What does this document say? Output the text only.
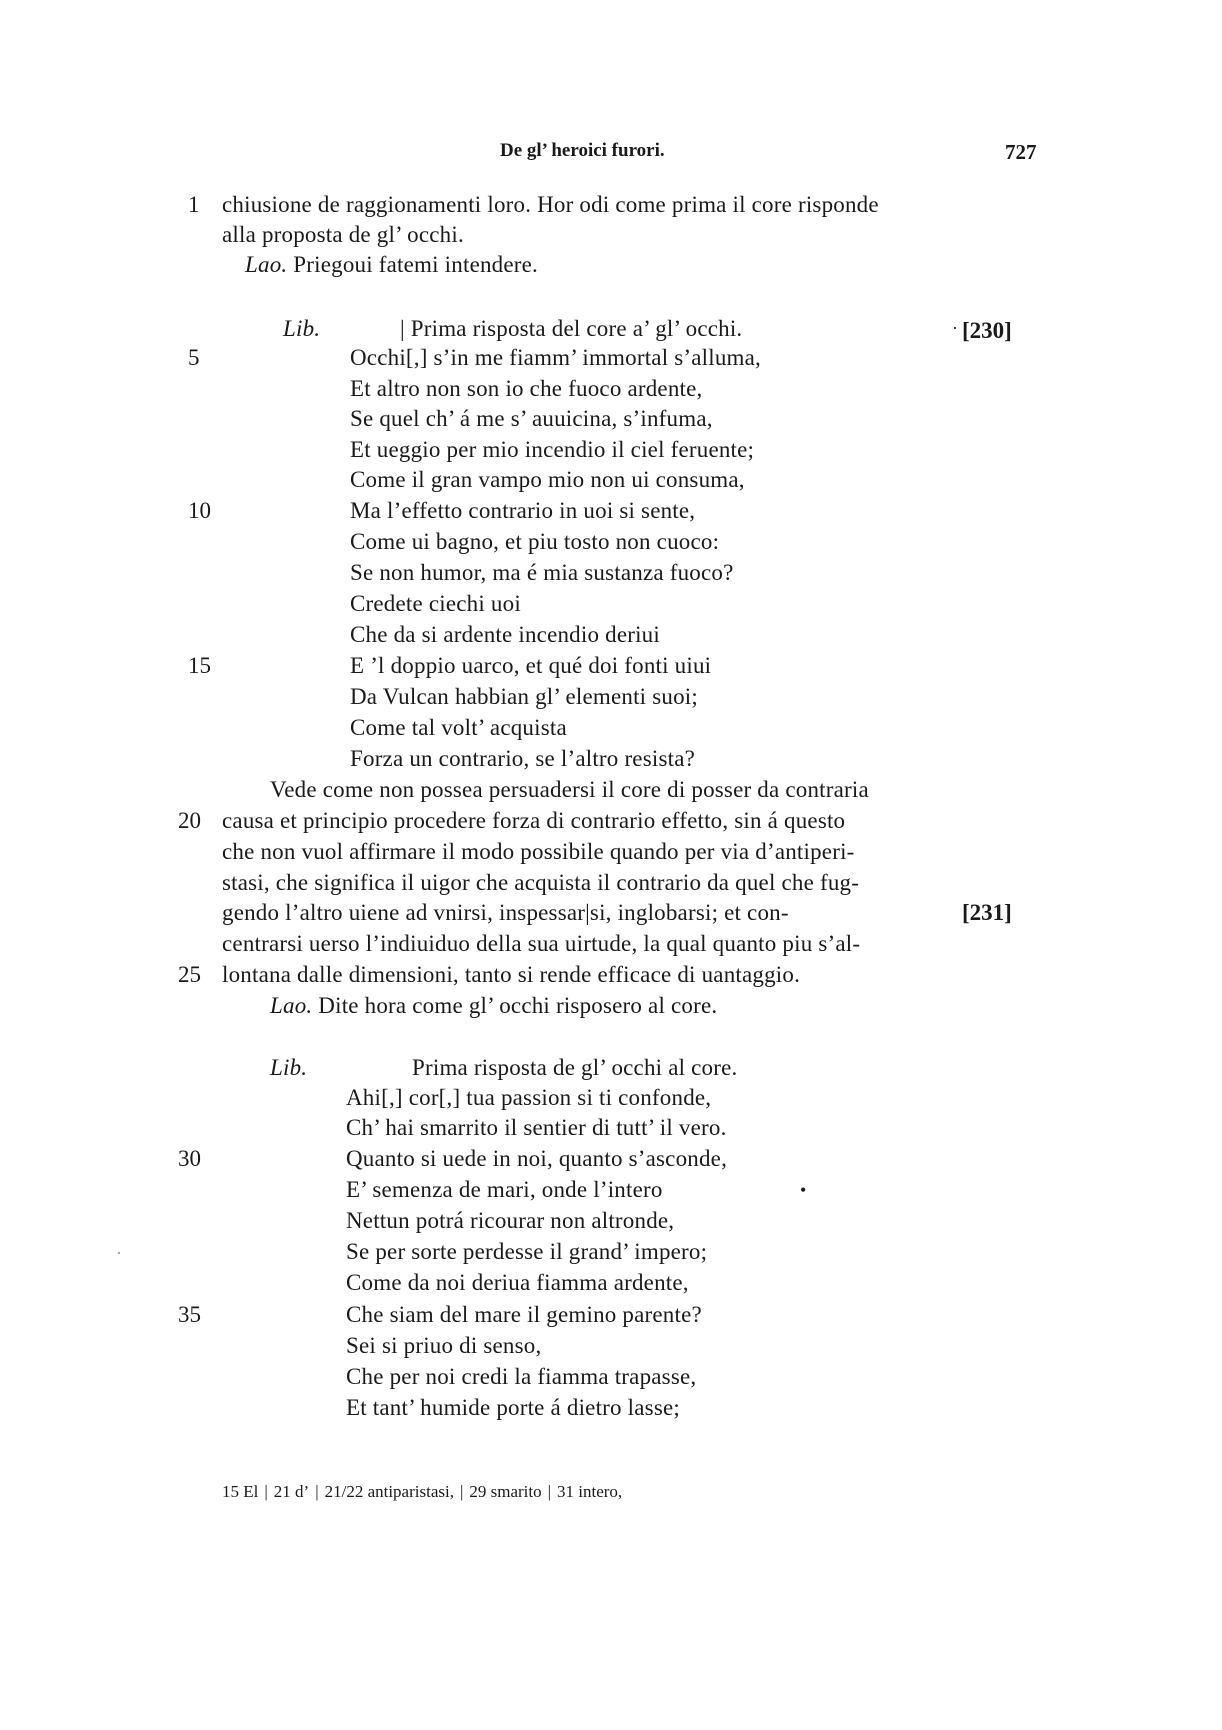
De gl’ heroici furori.	727
1
5
10
15
20
25
30
35
[230]
[231]
chiusione de raggionamenti loro. Hor odi come prima il core risponde
alla proposta de gl’ occhi.
Lao. Priegoui fatemi intendere.
Lib.	| Prima risposta del core a’ gl’ occhi.	·
Occhi[,] s’in me fiamm’ immortal s’alluma,
Et altro non son io che fuoco ardente,
Se quel ch’ á me s’ auuicina, s’infuma,
Et ueggio per mio incendio il ciel feruente;
Come il gran vampo mio non ui consuma,
Ma l’effetto contrario in uoi si sente,
Come ui bagno, et piu tosto non cuoco:
Se non humor, ma é mia sustanza fuoco?
Credete ciechi uoi
Che da si ardente incendio deriui
E ’l doppio uarco, et qué doi fonti uiui
Da Vulcan habbian gl’ elementi suoi;
Come tal volt’ acquista
Forza un contrario, se l’altro resista?
Vede come non possea persuadersi il core di posser da contraria
causa et principio procedere forza di contrario effetto, sin á questo
che non vuol affirmare il modo possibile quando per via d’antiperi-
stasi, che significa il uigor che acquista il contrario da quel che fug-
gendo l’altro uiene ad vnirsi, inspessar|si, inglobarsi; et con-
centrarsi uerso l’indiuiduo della sua uirtude, la qual quanto piu s’al-
lontana dalle dimensioni, tanto si rende efficace di uantaggio.
Lao. Dite hora come gl’ occhi risposero al core.
Lib.	Prima risposta de gl’ occhi al core.
Ahi[,] cor[,] tua passion si ti confonde,
Ch’ hai smarrito il sentier di tutt’ il vero.
Quanto si uede in noi, quanto s’asconde,
E’ semenza de mari, onde l’intero
Nettun potrá ricourar non altronde,
Se per sorte perdesse il grand’ impero;
Come da noi deriua fiamma ardente,
Che siam del mare il gemino parente?
Sei si priuo di senso,
Che per noi credi la fiamma trapasse,
Et tant’ humide porte á dietro lasse;
•
·
15 El | 21 d’ | 21/22 antiparistasi, | 29 smarito | 31 intero,
